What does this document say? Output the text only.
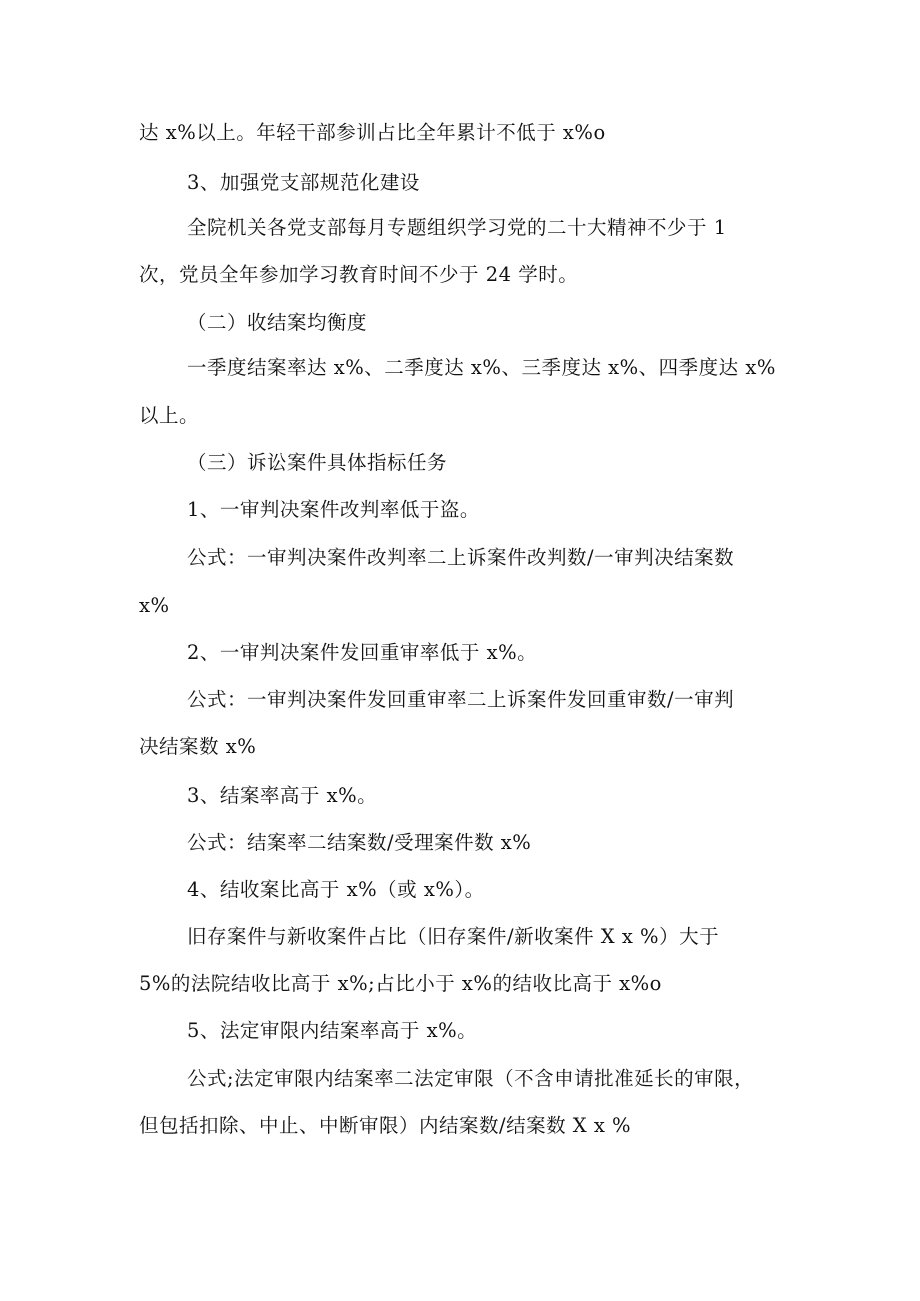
达 x%以上。年轻干部参训占比全年累计不低于 x%o
3、加强党支部规范化建设
全院机关各党支部每月专题组织学习党的二十大精神不少于 1
次，党员全年参加学习教育时间不少于 24 学时。
（二）收结案均衡度
一季度结案率达 x%、二季度达 x%、三季度达 x%、四季度达 x%
以上。
（三）诉讼案件具体指标任务
1、一审判决案件改判率低于盗。
公式：一审判决案件改判率二上诉案件改判数/一审判决结案数
x%
2、一审判决案件发回重审率低于 x%。
公式：一审判决案件发回重审率二上诉案件发回重审数/一审判
决结案数 x%
3、结案率高于 x%。
公式：结案率二结案数/受理案件数 x%
4、结收案比高于 x%（或 x%）。
旧存案件与新收案件占比（旧存案件/新收案件 X x %）大于
5%的法院结收比高于 x%;占比小于 x%的结收比高于 x%o
5、法定审限内结案率高于 x%。
公式;法定审限内结案率二法定审限（不含申请批准延长的审限，
但包括扣除、中止、中断审限）内结案数/结案数 X x %
